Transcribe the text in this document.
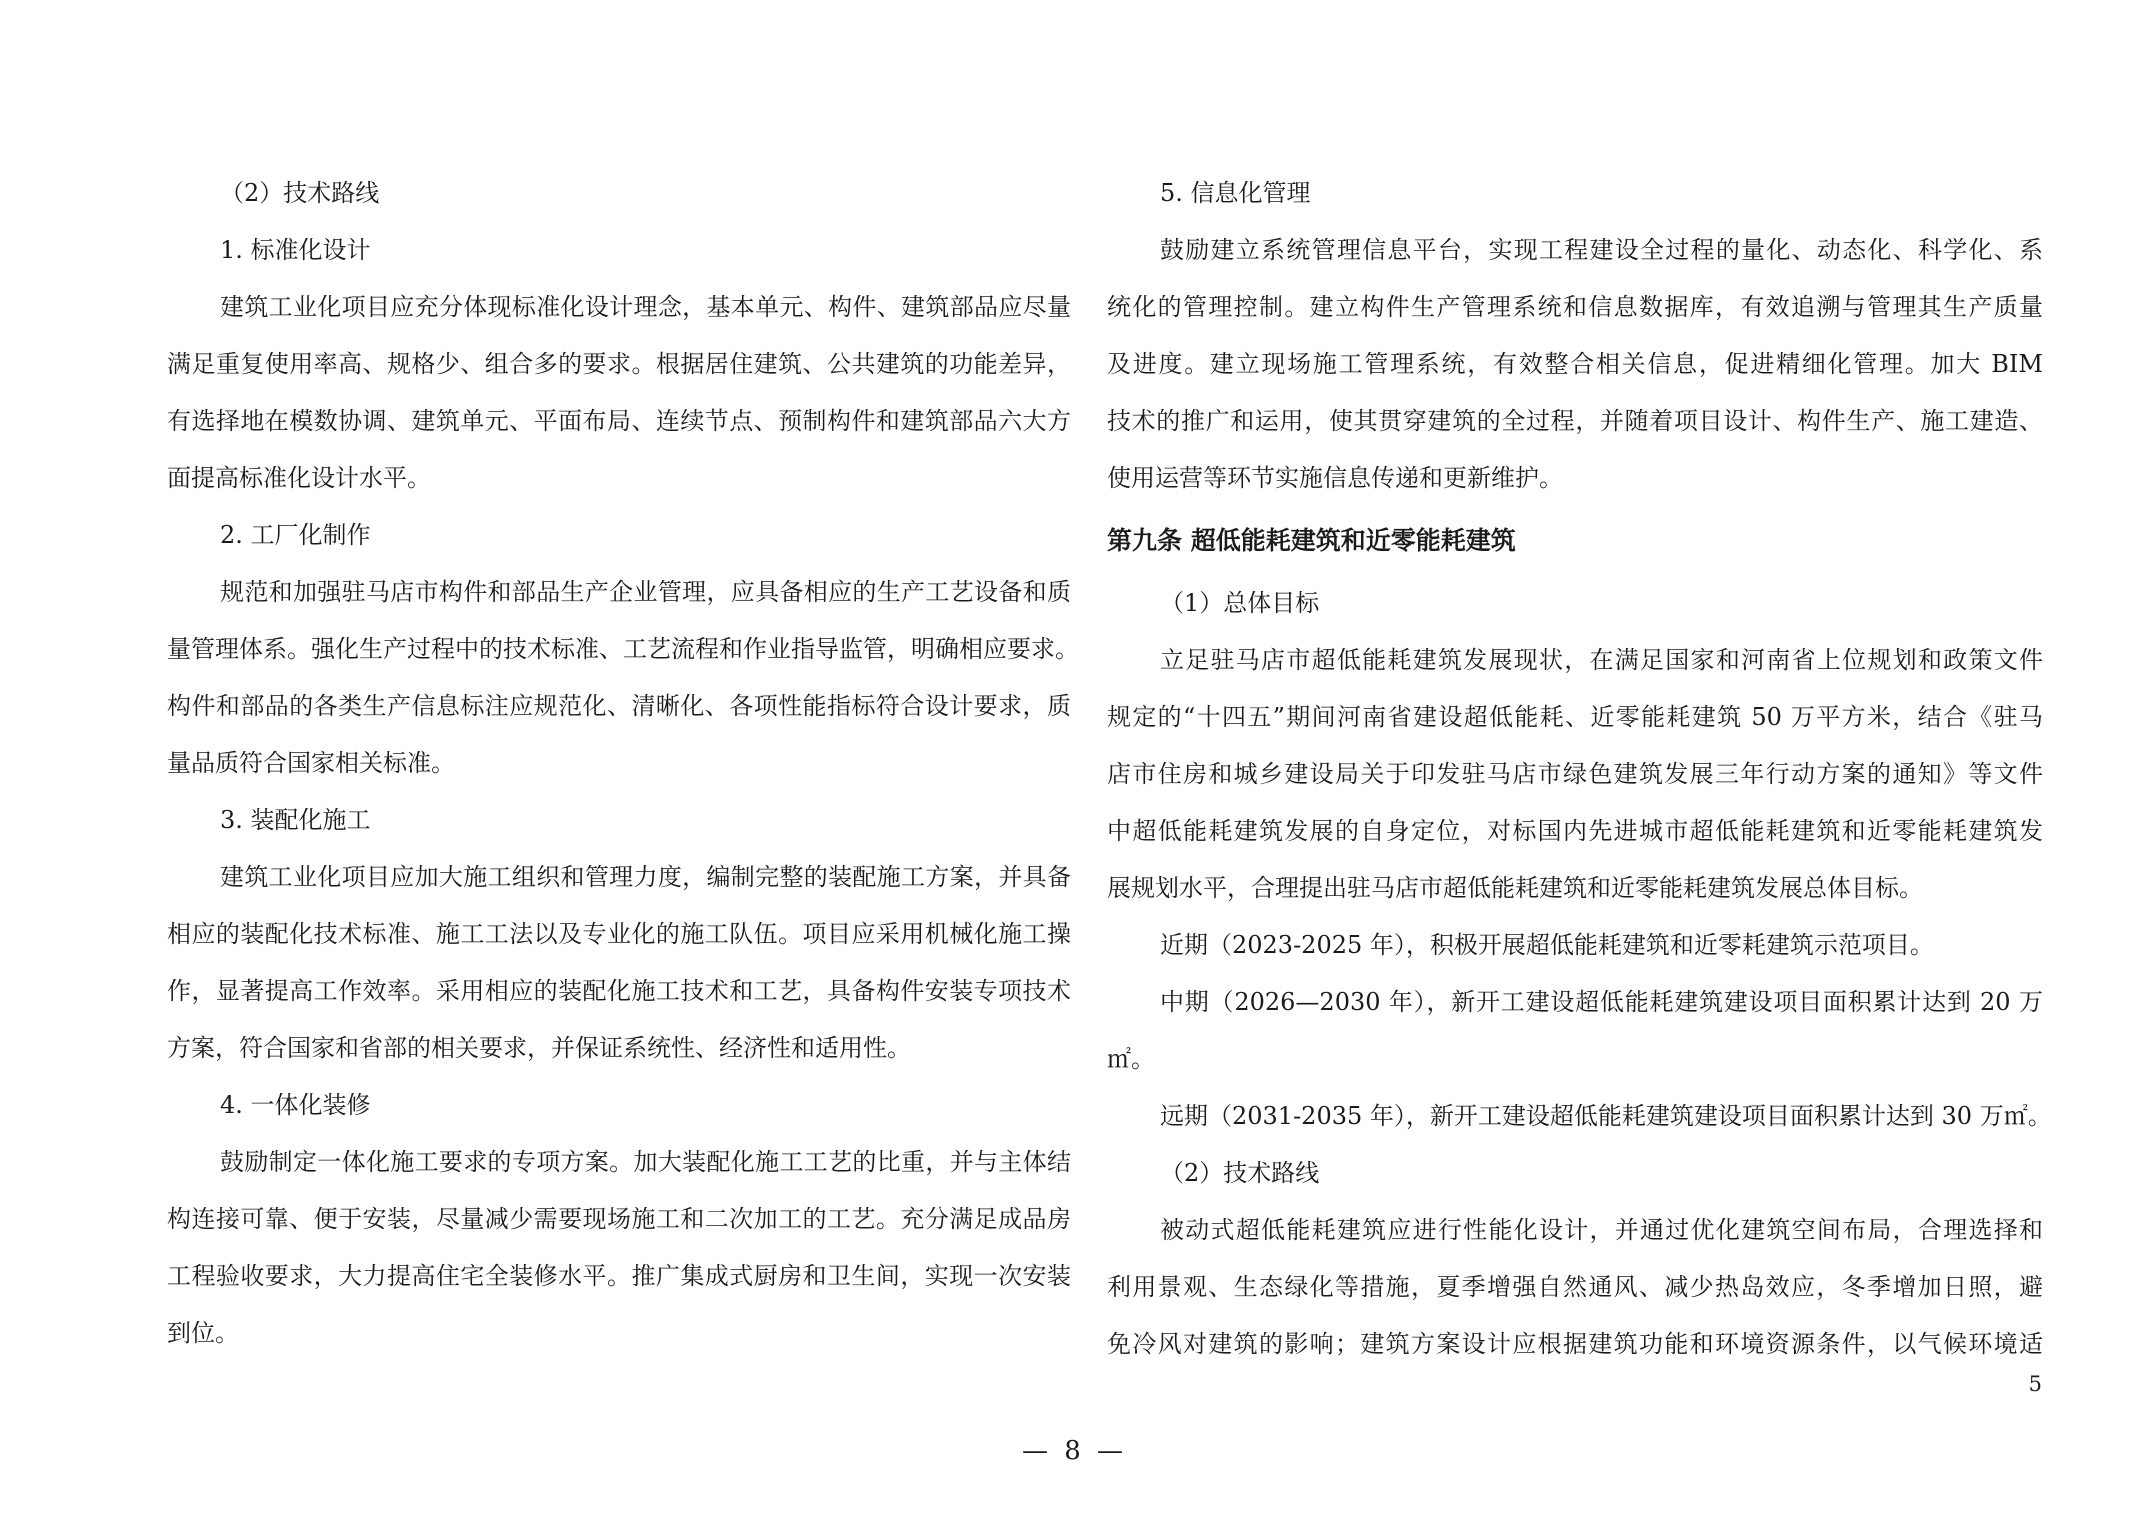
（2）技术路线
1. 标准化设计
建筑工业化项目应充分体现标准化设计理念，基本单元、构件、建筑部品应尽量
满足重复使用率高、规格少、组合多的要求。根据居住建筑、公共建筑的功能差异，
有选择地在模数协调、建筑单元、平面布局、连续节点、预制构件和建筑部品六大方
面提高标准化设计水平。
2. 工厂化制作
规范和加强驻马店市构件和部品生产企业管理，应具备相应的生产工艺设备和质
量管理体系。强化生产过程中的技术标准、工艺流程和作业指导监管，明确相应要求。
构件和部品的各类生产信息标注应规范化、清晰化、各项性能指标符合设计要求，质
量品质符合国家相关标准。
3. 装配化施工
建筑工业化项目应加大施工组织和管理力度，编制完整的装配施工方案，并具备
相应的装配化技术标准、施工工法以及专业化的施工队伍。项目应采用机械化施工操
作，显著提高工作效率。采用相应的装配化施工技术和工艺，具备构件安装专项技术
方案，符合国家和省部的相关要求，并保证系统性、经济性和适用性。
4. 一体化装修
鼓励制定一体化施工要求的专项方案。加大装配化施工工艺的比重，并与主体结
构连接可靠、便于安装，尽量减少需要现场施工和二次加工的工艺。充分满足成品房
工程验收要求，大力提高住宅全装修水平。推广集成式厨房和卫生间，实现一次安装
到位。
5. 信息化管理
鼓励建立系统管理信息平台，实现工程建设全过程的量化、动态化、科学化、系
统化的管理控制。建立构件生产管理系统和信息数据库，有效追溯与管理其生产质量
及进度。建立现场施工管理系统，有效整合相关信息，促进精细化管理。加大 BIM
技术的推广和运用，使其贯穿建筑的全过程，并随着项目设计、构件生产、施工建造、
使用运营等环节实施信息传递和更新维护。
第九条 超低能耗建筑和近零能耗建筑
（1）总体目标
立足驻马店市超低能耗建筑发展现状，在满足国家和河南省上位规划和政策文件
规定的“十四五”期间河南省建设超低能耗、近零能耗建筑 50 万平方米，结合《驻马
店市住房和城乡建设局关于印发驻马店市绿色建筑发展三年行动方案的通知》等文件
中超低能耗建筑发展的自身定位，对标国内先进城市超低能耗建筑和近零能耗建筑发
展规划水平，合理提出驻马店市超低能耗建筑和近零能耗建筑发展总体目标。
近期（2023-2025 年），积极开展超低能耗建筑和近零耗建筑示范项目。
中期（2026—2030 年），新开工建设超低能耗建筑建设项目面积累计达到 20 万
㎡。
远期（2031-2035 年），新开工建设超低能耗建筑建设项目面积累计达到 30 万㎡。
（2）技术路线
被动式超低能耗建筑应进行性能化设计，并通过优化建筑空间布局，合理选择和
利用景观、生态绿化等措施，夏季增强自然通风、减少热岛效应，冬季增加日照，避
免冷风对建筑的影响；建筑方案设计应根据建筑功能和环境资源条件，以气候环境适
5
— 8 —
